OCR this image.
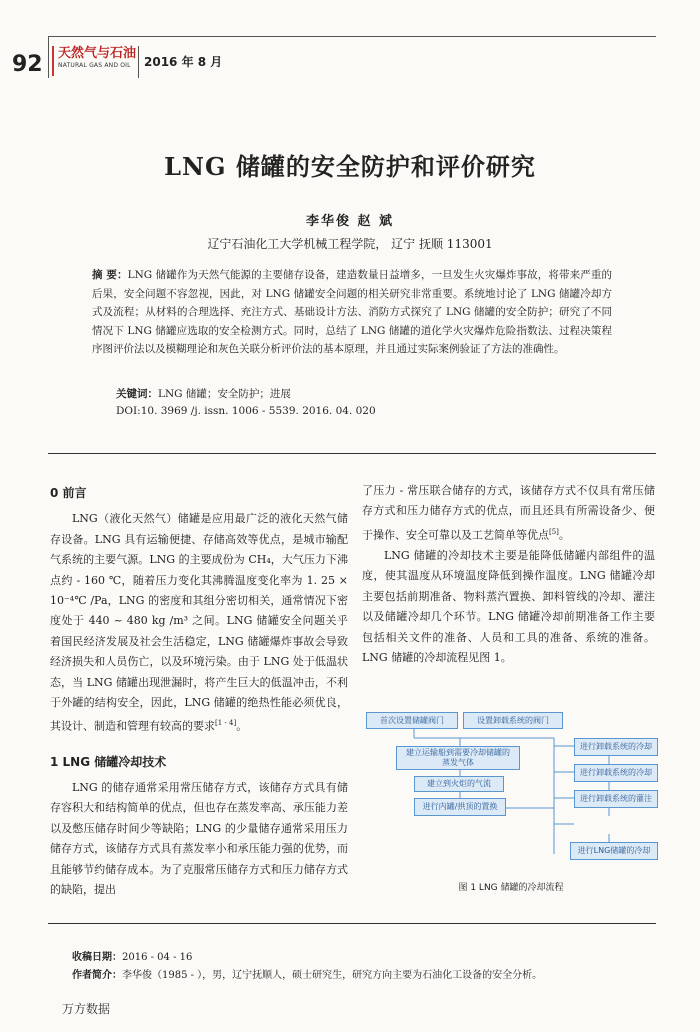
92 天然气与石油
NATURAL GAS AND OIL	2016 年 8 月
LNG 储罐的安全防护和评价研究
李华俊 赵 斌
辽宁石油化工大学机械工程学院， 辽宁 抚顺 113001
摘 要：LNG 储罐作为天然气能源的主要储存设备，建造数量日益增多，一旦发生火灾爆炸事故，将带来严重的后果，安全问题不容忽视，因此，对 LNG 储罐安全问题的相关研究非常重要。系统地讨论了 LNG 储罐冷却方式及流程；从材料的合理选择、充注方式、基础设计方法、消防方式探究了 LNG 储罐的安全防护；研究了不同情况下 LNG 储罐应选取的安全检测方式。同时，总结了 LNG 储罐的道化学火灾爆炸危险指数法、过程决策程序图评价法以及模糊理论和灰色关联分析评价法的基本原理，并且通过实际案例验证了方法的准确性。
关键词：LNG 储罐；安全防护；进展
DOI:10. 3969 /j. issn. 1006 - 5539. 2016. 04. 020
0 前言

LNG（液化天然气）储罐是应用最广泛的液化天然气储存设备。LNG 具有运输便捷、存储高效等优点，是城市输配气系统的主要气源。LNG 的主要成份为 CH₄，大气压力下沸点约 - 160 ℃，随着压力变化其沸腾温度变化率为 1. 25 × 10⁻⁴℃ /Pa，LNG 的密度和其组分密切相关，通常情况下密度处于 440 ~ 480 kg /m³ 之间。LNG 储罐安全问题关乎着国民经济发展及社会生活稳定，LNG 储罐爆炸事故会导致经济损失和人员伤亡，以及环境污染。由于 LNG 处于低温状态，当 LNG 储罐出现泄漏时，将产生巨大的低温冲击，不利于外罐的结构安全，因此，LNG 储罐的绝热性能必须优良，其设计、制造和管理有较高的要求[1 - 4]。

1 LNG 储罐冷却技术

LNG 的储存通常采用常压储存方式，该储存方式具有储存容积大和结构简单的优点，但也存在蒸发率高、承压能力差以及憋压储存时间少等缺陷；LNG 的少量储存通常采用压力储存方式，该储存方式具有蒸发率小和承压能力强的优势，而且能够节约储存成本。为了克服常压储存方式和压力储存方式的缺陷，提出

了压力 - 常压联合储存的方式，该储存方式不仅具有常压储存方式和压力储存方式的优点，而且还具有所需设备少、便于操作、安全可靠以及工艺简单等优点[5]。

LNG 储罐的冷却技术主要是能降低储罐内部组件的温度，使其温度从环境温度降低到操作温度。LNG 储罐冷却主要包括前期准备、物料蒸汽置换、卸料管线的冷却、灌注以及储罐冷却几个环节。LNG 储罐冷却前期准备工作主要包括相关文件的准备、人员和工具的准备、系统的准备。LNG 储罐的冷却流程见图 1。

首次设置储罐阀门	设置卸载系统的阀门
建立运输船到需要冷却储罐的蒸发气体
建立到火炬的气流
进行内罐/拱顶的置换
进行卸载系统的冷却
进行卸载系统的冷却
进行卸载系统的灌注
进行LNG储罐的冷却
图 1 LNG 储罐的冷却流程
收稿日期：2016 - 04 - 16
作者简介：李华俊（1985 - ），男，辽宁抚顺人，硕士研究生，研究方向主要为石油化工设备的安全分析。
万方数据
